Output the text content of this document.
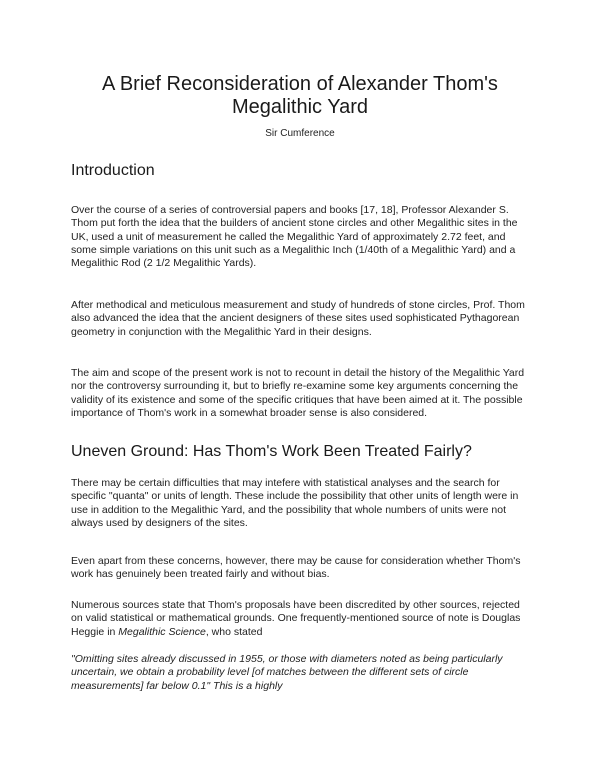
A Brief Reconsideration of Alexander Thom's
Megalithic Yard
Sir Cumference
Introduction

Over the course of a series of controversial papers and books [17, 18], Professor Alexander S. Thom put forth the idea that the builders of ancient stone circles and other Megalithic sites in the UK, used a unit of measurement he called the Megalithic Yard of approximately 2.72 feet, and some simple variations on this unit such as a Megalithic Inch (1/40th of a Megalithic Yard) and a Megalithic Rod (2 1/2 Megalithic Yards).

After methodical and meticulous measurement and study of hundreds of stone circles, Prof. Thom also advanced the idea that the ancient designers of these sites used sophisticated Pythagorean geometry in conjunction with the Megalithic Yard in their designs.

The aim and scope of the present work is not to recount in detail the history of the Megalithic Yard nor the controversy surrounding it, but to briefly re-examine some key arguments concerning the validity of its existence and some of the specific critiques that have been aimed at it. The possible importance of Thom's work in a somewhat broader sense is also considered.

Uneven Ground: Has Thom's Work Been Treated Fairly?

There may be certain difficulties that may intefere with statistical analyses and the search for specific "quanta" or units of length. These include the possibility that other units of length were in use in addition to the Megalithic Yard, and the possibility that whole numbers of units were not always used by designers of the sites.

Even apart from these concerns, however, there may be cause for consideration whether Thom's work has genuinely been treated fairly and without bias.

Numerous sources state that Thom's proposals have been discredited by other sources, rejected on valid statistical or mathematical grounds. One frequently-mentioned source of note is Douglas Heggie in Megalithic Science, who stated

"Omitting sites already discussed in 1955, or those with diameters noted as being particularly uncertain, we obtain a probability level [of matches between the different sets of circle measurements] far below 0.1" This is a highly
